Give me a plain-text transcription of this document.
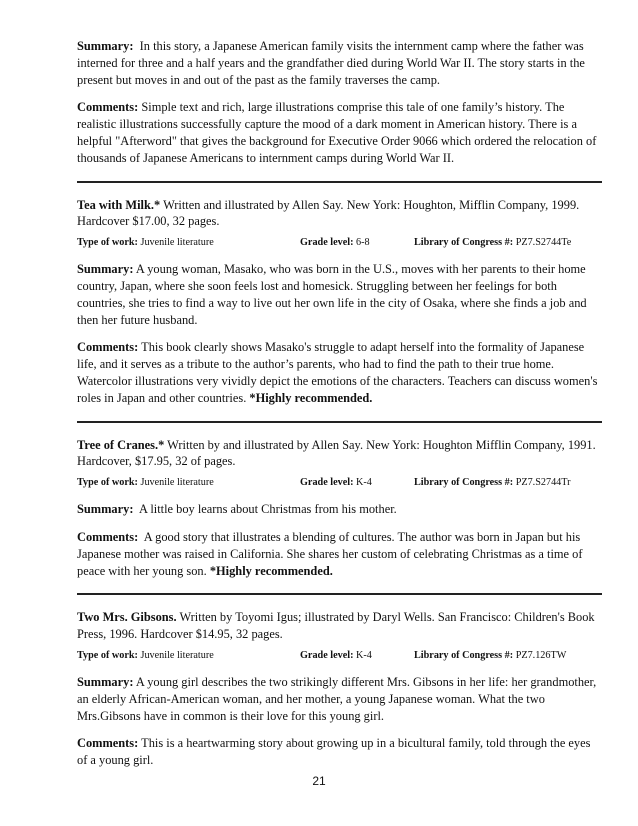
Summary: In this story, a Japanese American family visits the internment camp where the father was interned for three and a half years and the grandfather died during World War II. The story starts in the present but moves in and out of the past as the family traverses the camp.

Comments: Simple text and rich, large illustrations comprise this tale of one family’s history. The realistic illustrations successfully capture the mood of a dark moment in American history. There is a helpful "Afterword" that gives the background for Executive Order 9066 which ordered the relocation of thousands of Japanese Americans to internment camps during World War II.

Tea with Milk.* Written and illustrated by Allen Say. New York: Houghton, Mifflin Company, 1999. Hardcover $17.00, 32 pages.

Type of work: Juvenile literature	Grade level: 6-8	Library of Congress #: PZ7.S2744Te

Summary: A young woman, Masako, who was born in the U.S., moves with her parents to their home country, Japan, where she soon feels lost and homesick. Struggling between her feelings for both countries, she tries to find a way to live out her own life in the city of Osaka, where she finds a job and then her future husband.

Comments: This book clearly shows Masako's struggle to adapt herself into the formality of Japanese life, and it serves as a tribute to the author’s parents, who had to find the path to their true home. Watercolor illustrations very vividly depict the emotions of the characters. Teachers can discuss women's roles in Japan and other countries. *Highly recommended.

Tree of Cranes.* Written by and illustrated by Allen Say. New York: Houghton Mifflin Company, 1991. Hardcover, $17.95, 32 of pages.

Type of work: Juvenile literature	Grade level: K-4	Library of Congress #: PZ7.S2744Tr

Summary: A little boy learns about Christmas from his mother.

Comments: A good story that illustrates a blending of cultures. The author was born in Japan but his Japanese mother was raised in California. She shares her custom of celebrating Christmas as a time of peace with her young son. *Highly recommended.

Two Mrs. Gibsons. Written by Toyomi Igus; illustrated by Daryl Wells. San Francisco: Children's Book Press, 1996. Hardcover $14.95, 32 pages.

Type of work: Juvenile literature	Grade level: K-4	Library of Congress #: PZ7.126TW

Summary: A young girl describes the two strikingly different Mrs. Gibsons in her life: her grandmother, an elderly African-American woman, and her mother, a young Japanese woman. What the two Mrs.Gibsons have in common is their love for this young girl.

Comments: This is a heartwarming story about growing up in a bicultural family, told through the eyes of a young girl.

21
